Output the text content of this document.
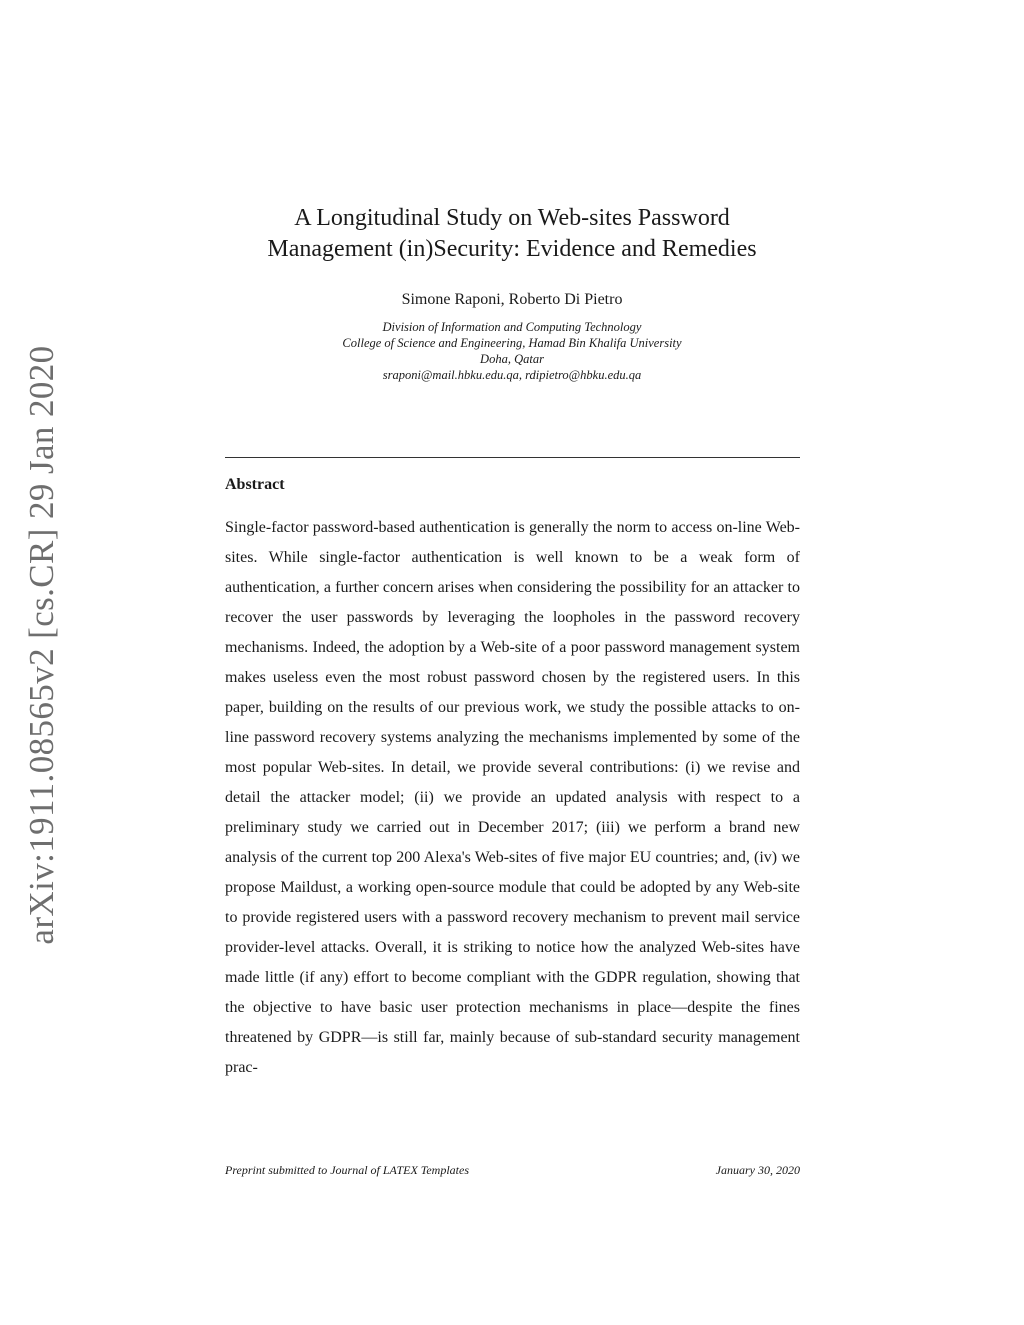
arXiv:1911.08565v2 [cs.CR] 29 Jan 2020
A Longitudinal Study on Web-sites Password
Management (in)Security: Evidence and Remedies
Simone Raponi, Roberto Di Pietro
Division of Information and Computing Technology
College of Science and Engineering, Hamad Bin Khalifa University
Doha, Qatar
sraponi@mail.hbku.edu.qa, rdipietro@hbku.edu.qa
Abstract
Single-factor password-based authentication is generally the norm to access on-line Web-sites. While single-factor authentication is well known to be a weak form of authentication, a further concern arises when considering the possibility for an attacker to recover the user passwords by leveraging the loopholes in the password recovery mechanisms. Indeed, the adoption by a Web-site of a poor password management system makes useless even the most robust password chosen by the registered users. In this paper, building on the results of our previous work, we study the possible attacks to on-line password recovery systems analyzing the mechanisms implemented by some of the most popular Web-sites. In detail, we provide several contributions: (i) we revise and detail the attacker model; (ii) we provide an updated analysis with respect to a preliminary study we carried out in December 2017; (iii) we perform a brand new analysis of the current top 200 Alexa's Web-sites of five major EU countries; and, (iv) we propose Maildust, a working open-source module that could be adopted by any Web-site to provide registered users with a password recovery mechanism to prevent mail service provider-level attacks. Overall, it is striking to notice how the analyzed Web-sites have made little (if any) effort to become compliant with the GDPR regulation, showing that the objective to have basic user protection mechanisms in place—despite the fines threatened by GDPR—is still far, mainly because of sub-standard security management prac-
Preprint submitted to Journal of LATEX Templates	January 30, 2020
